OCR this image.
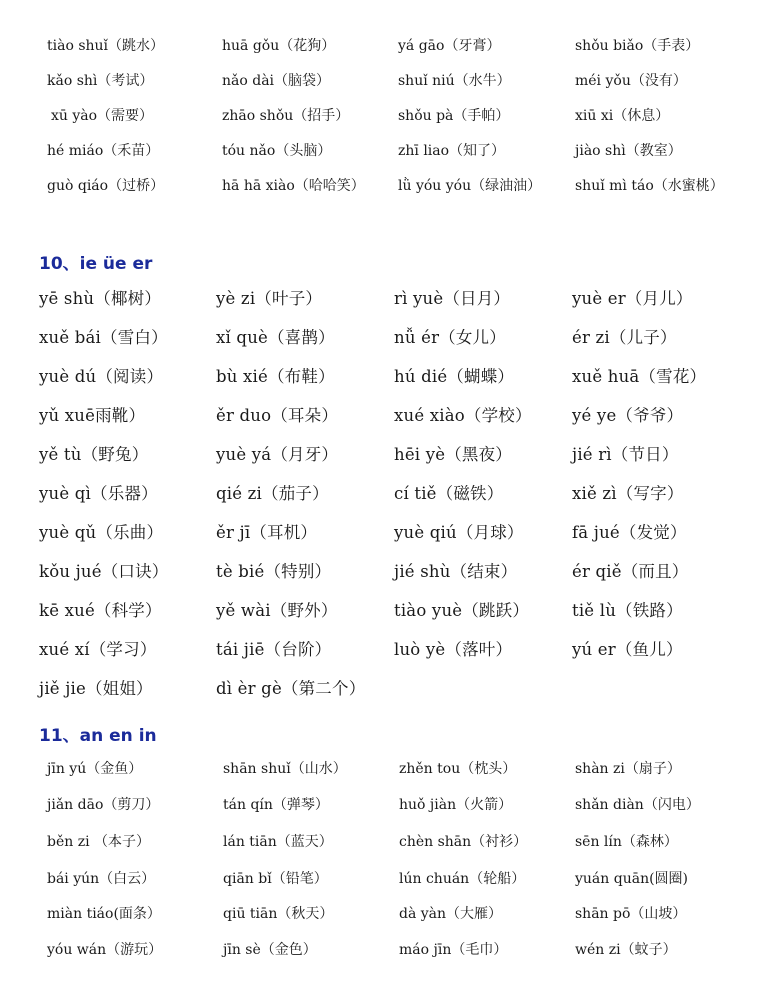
tiào shuǐ（跳水）	huā gǒu（花狗）	yá gāo（牙膏）	shǒu biǎo（手表）
kǎo shì（考试）	nǎo dài（脑袋）	shuǐ niú（水牛）	méi yǒu（没有）
xū yào（需要）	zhāo shǒu（招手）	shǒu pà（手帕）	xiū xi（休息）
hé miáo（禾苗）	tóu nǎo（头脑）	zhī liao（知了）	jiào shì（教室）
guò qiáo（过桥）	hā hā xiào（哈哈笑） lǜ yóu yóu（绿油油） shuǐ mì táo（水蜜桃）
10、ie üe er
yē shù（椰树）	yè zi（叶子）	rì yuè（日月）	yuè er（月儿）
xuě bái（雪白）	xǐ què（喜鹊）	nǚ ér（女儿）	ér zi（儿子）
yuè dú（阅读）	bù xié（布鞋）	hú dié（蝴蝶）	xuě huā（雪花）
yǔ xuē雨靴）	ěr duo（耳朵）	xué xiào（学校） yé ye（爷爷）
yě tù（野兔）	yuè yá（月牙）	hēi yè（黑夜）	jié rì（节日）
yuè qì（乐器）	qié zi（茄子）	cí tiě（磁铁）	xiě zì（写字）
yuè qǔ（乐曲）	ěr jī（耳机）	yuè qiú（月球）	fā jué（发觉）
kǒu jué（口诀）	tè bié（特别）	jié shù（结束）	ér qiě（而且）
kē xué（科学）	yě wài（野外）	tiào yuè（跳跃）	tiě lù（铁路）
xué xí（学习）	tái jiē（台阶）	luò yè（落叶）	yú er（鱼儿）
jiě jie（姐姐）	dì èr gè（第二个）
11、an en in
jīn yú（金鱼）	shān shuǐ（山水）	zhěn tou（枕头）	shàn zi（扇子）
jiǎn dāo（剪刀）	tán qín（弹琴）	huǒ jiàn（火箭）	shǎn diàn（闪电）
běn zi （本子）	lán tiān（蓝天）	chèn shān（衬衫）	sēn lín（森林）
bái yún（白云）	qiān bǐ（铅笔）	lún chuán（轮船）	yuán quān(圆圈)
miàn tiáo(面条）	qiū tiān（秋天）	dà yàn（大雁）	shān pō（山坡）
yóu wán（游玩）	jīn sè（金色）	máo jīn（毛巾）	wén zi（蚊子）
